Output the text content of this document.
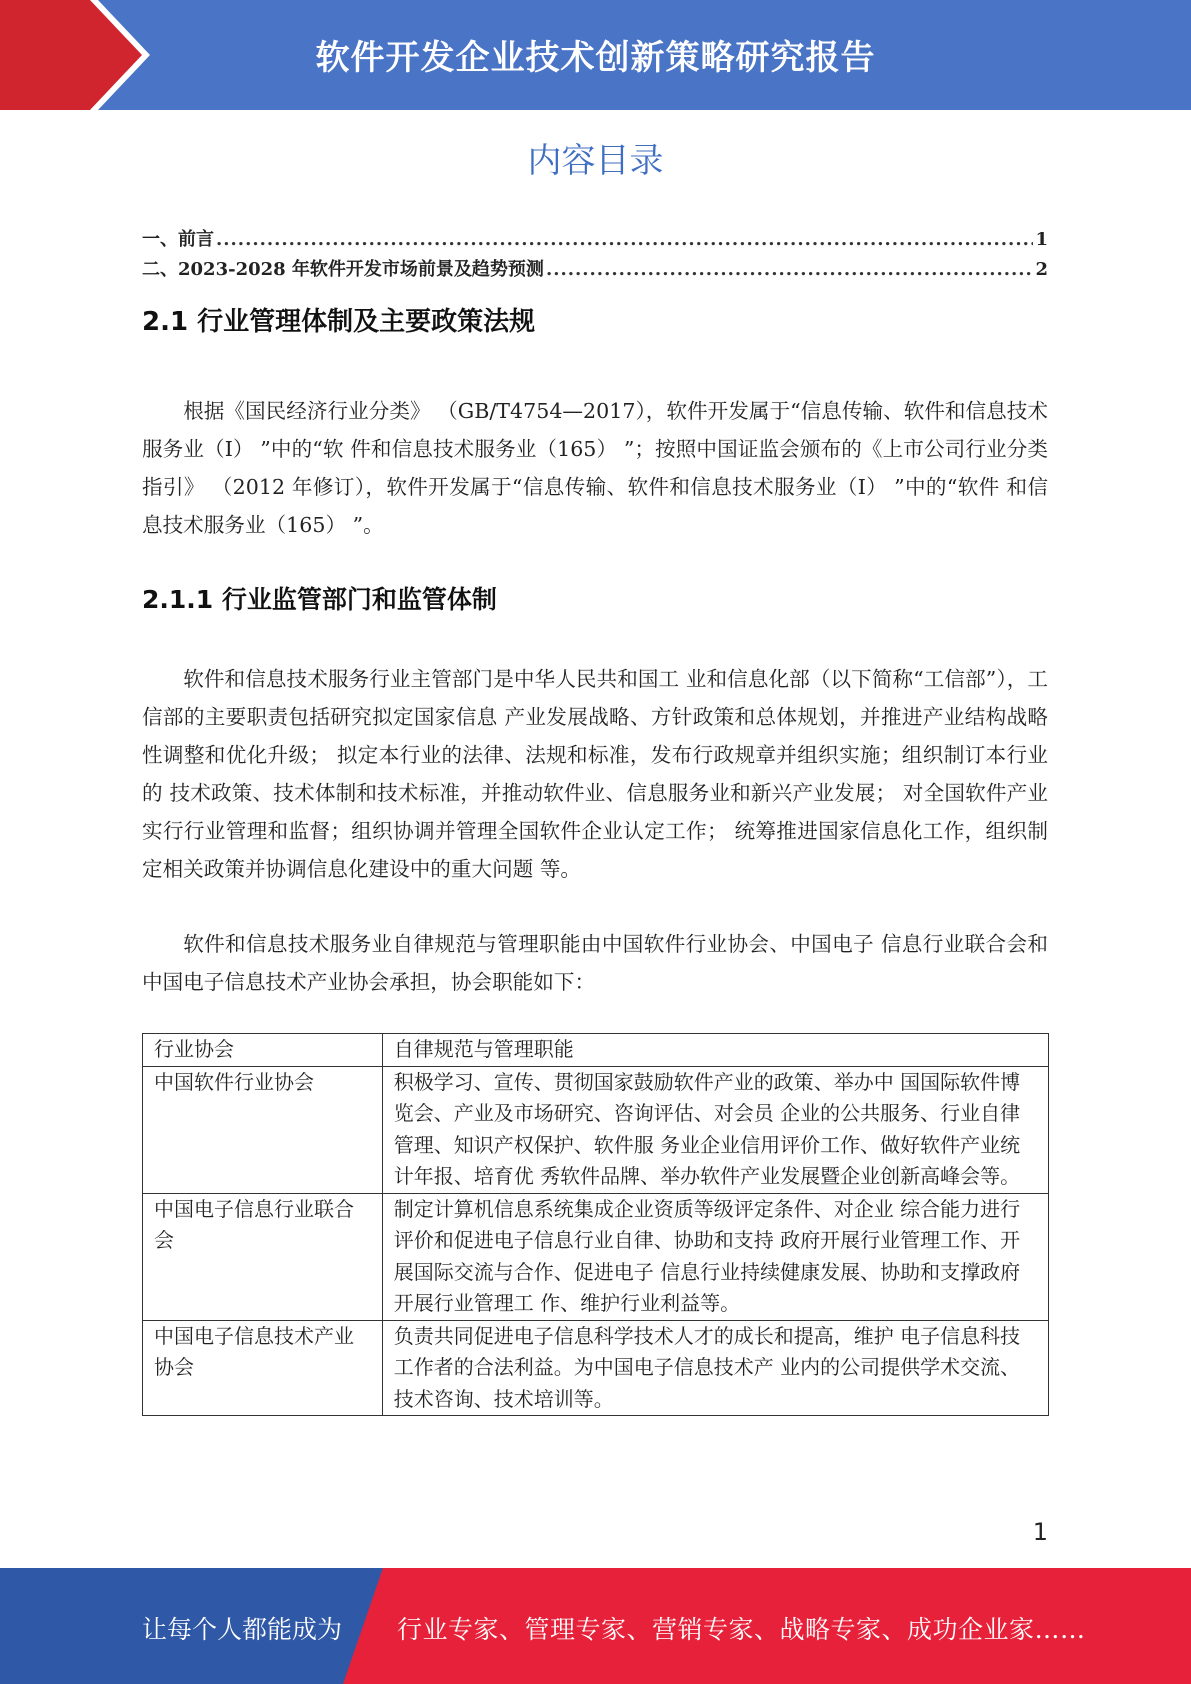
软件开发企业技术创新策略研究报告
内容目录
一、前言 .....	1
二、2023-2028 年软件开发市场前景及趋势预测 .....	2
2.1 行业管理体制及主要政策法规
根据《国民经济行业分类》 （GB/T4754—2017），软件开发属于“信息传输、软件和信息技术服务业（I） ”中的“软 件和信息技术服务业（165） ”；按照中国证监会颁布的《上市公司行业分类指引》 （2012 年修订），软件开发属于“信息传输、软件和信息技术服务业（I） ”中的“软件 和信息技术服务业（165） ”。
2.1.1 行业监管部门和监管体制
软件和信息技术服务行业主管部门是中华人民共和国工 业和信息化部（以下简称“工信部”），工信部的主要职责包括研究拟定国家信息 产业发展战略、方针政策和总体规划，并推进产业结构战略性调整和优化升级； 拟定本行业的法律、法规和标准，发布行政规章并组织实施；组织制订本行业的 技术政策、技术体制和技术标准，并推动软件业、信息服务业和新兴产业发展； 对全国软件产业实行行业管理和监督；组织协调并管理全国软件企业认定工作； 统筹推进国家信息化工作，组织制定相关政策并协调信息化建设中的重大问题 等。
软件和信息技术服务业自律规范与管理职能由中国软件行业协会、中国电子 信息行业联合会和中国电子信息技术产业协会承担，协会职能如下：
行业协会	自律规范与管理职能
中国软件行业协会	积极学习、宣传、贯彻国家鼓励软件产业的政策、举办中 国国际软件博览会、产业及市场研究、咨询评估、对会员 企业的公共服务、行业自律管理、知识产权保护、软件服 务业企业信用评价工作、做好软件产业统计年报、培育优 秀软件品牌、举办软件产业发展暨企业创新高峰会等。
中国电子信息行业联合会	制定计算机信息系统集成企业资质等级评定条件、对企业 综合能力进行评价和促进电子信息行业自律、协助和支持 政府开展行业管理工作、开展国际交流与合作、促进电子 信息行业持续健康发展、协助和支撑政府开展行业管理工 作、维护行业利益等。
中国电子信息技术产业协会	负责共同促进电子信息科学技术人才的成长和提高，维护 电子信息科技工作者的合法利益。为中国电子信息技术产 业内的公司提供学术交流、技术咨询、技术培训等。
1
让每个人都能成为 行业专家、管理专家、营销专家、战略专家、成功企业家……
